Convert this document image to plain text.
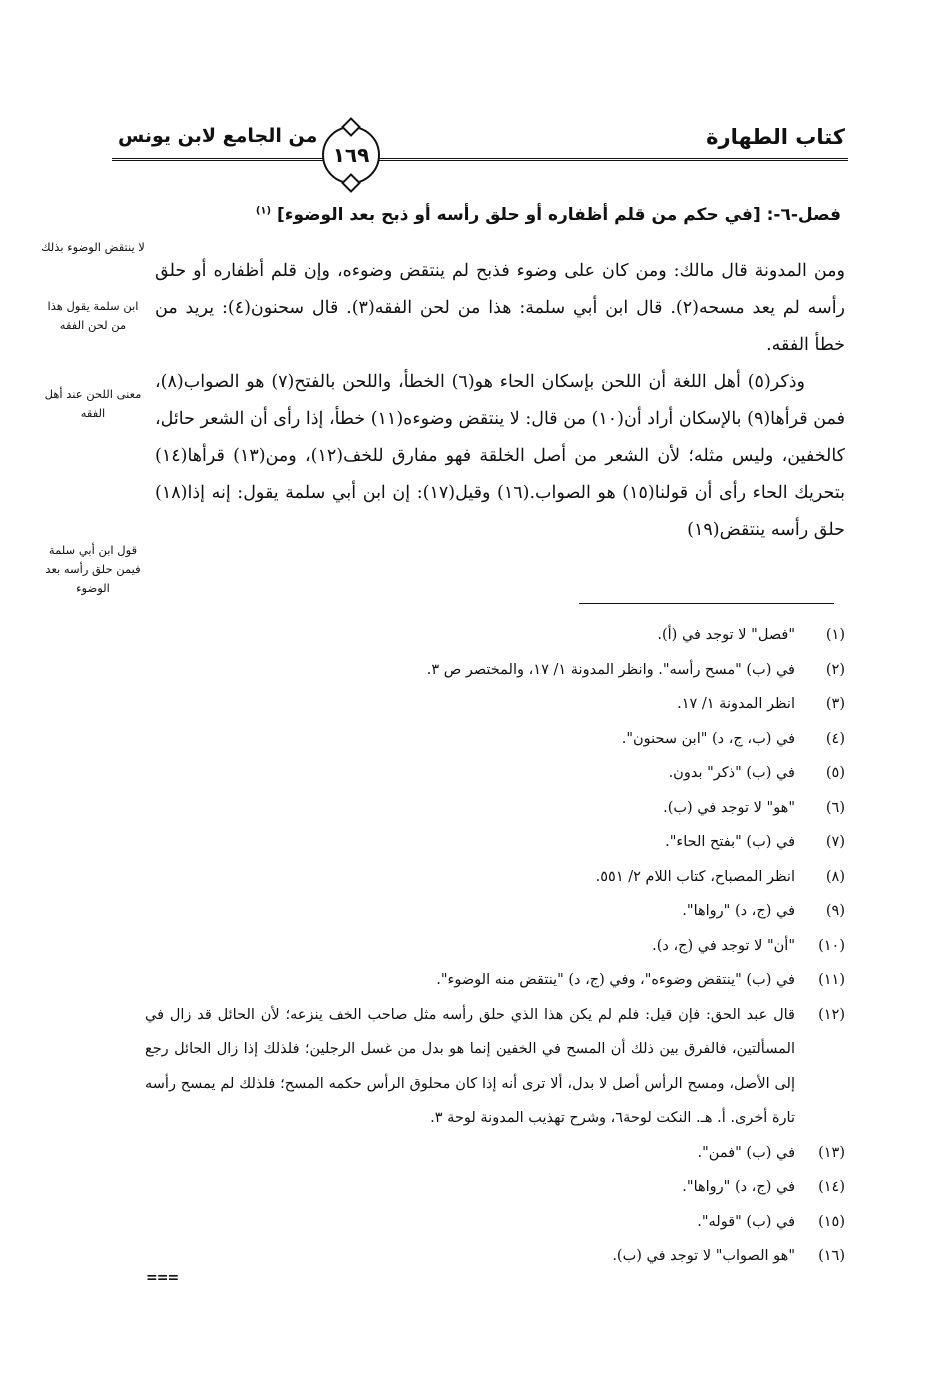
كتاب الطهارة
١٦٩
من الجامع لابن يونس
فصل-٦-: [في حكم من قلم أظفاره أو حلق رأسه أو ذبح بعد الوضوء] $^{(١)}$

ومن المدونة قال مالك: ومن كان على وضوء فذبح لم ينتقض وضوءه، وإن قلم أظفاره أو حلق رأسه لم يعد مسحه(٢). قال ابن أبي سلمة: هذا من لحن الفقه(٣). قال سحنون(٤): يريد من خطأ الفقه.

وذكر(٥) أهل اللغة أن اللحن بإسكان الحاء هو(٦) الخطأ، واللحن بالفتح(٧) هو الصواب(٨)، فمن قرأها(٩) بالإسكان أراد أن(١٠) من قال: لا ينتقض وضوءه(١١) خطأ، إذا رأى أن الشعر حائل، كالخفين، وليس مثله؛ لأن الشعر من أصل الخلقة فهو مفارق للخف(١٢)، ومن(١٣) قرأها(١٤) بتحريك الحاء رأى أن قولنا(١٥) هو الصواب.(١٦) وقيل(١٧): إن ابن أبي سلمة يقول: إنه إذا(١٨) حلق رأسه ينتقض(١٩)

لا ينتقض الوضوء بذلك
ابن سلمة يقول هذا من لحن الفقه
معنى اللحن عند أهل الفقه
قول ابن أبي سلمة فيمن حلق رأسه بعد الوضوء
(١)
"فصل" لا توجد في (أ).
(٢)
في (ب) "مسح رأسه". وانظر المدونة ١/ ١٧، والمختصر ص ٣.
(٣)
انظر المدونة ١/ ١٧.
(٤)
في (ب، ج، د) "ابن سحنون".
(٥)
في (ب) "ذكر" بدون.
(٦)
"هو" لا توجد في (ب).
(٧)
في (ب) "بفتح الحاء".
(٨)
انظر المصباح، كتاب اللام ٢/ ٥٥١.
(٩)
في (ج، د) "رواها".
(١٠)
"أن" لا توجد في (ج، د).
(١١)
في (ب) "ينتقض وضوءه"، وفي (ج، د) "ينتقض منه الوضوء".
(١٢)
قال عبد الحق: فإن قيل: فلم لم يكن هذا الذي حلق رأسه مثل صاحب الخف ينزعه؛ لأن الحائل قد زال في المسألتين، فالفرق بين ذلك أن المسح في الخفين إنما هو بدل من غسل الرجلين؛ فلذلك إذا زال الحائل رجع إلى الأصل، ومسح الرأس أصل لا بدل، ألا ترى أنه إذا كان محلوق الرأس حكمه المسح؛ فلذلك لم يمسح رأسه تارة أخرى. أ. هـ. النكت لوحة٦، وشرح تهذيب المدونة لوحة ٣.
(١٣)
في (ب) "فمن".
(١٤)
في (ج، د) "رواها".
(١٥)
في (ب) "قوله".
(١٦)
"هو الصواب" لا توجد في (ب).
===
